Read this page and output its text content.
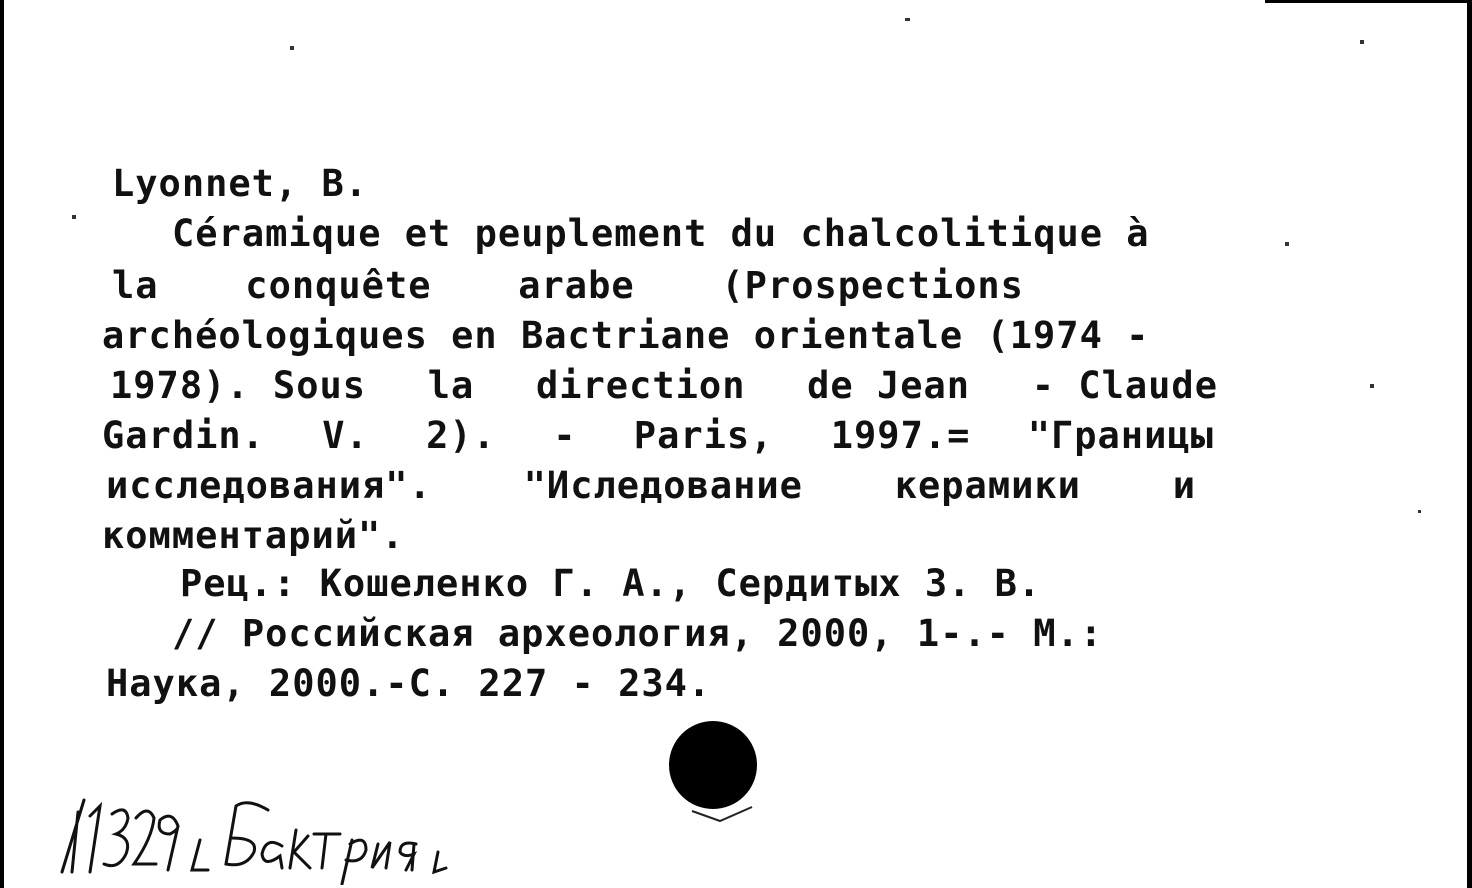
Lyonnet, B.
Céramique et peuplement du chalcolitique à
la conquête arabe (Prospections
archéologiques en Bactriane orientale (1974 -
1978). Sous la direction de Jean - Claude
Gardin. V. 2). - Paris, 1997.= "Границы
исследования". "Иследование керамики и
комментарий".
Рец.: Кошеленко Г. А., Сердитых З. В.
// Российская археология, 2000, 1-.- М.:
Наука, 2000.-С. 227 - 234.
